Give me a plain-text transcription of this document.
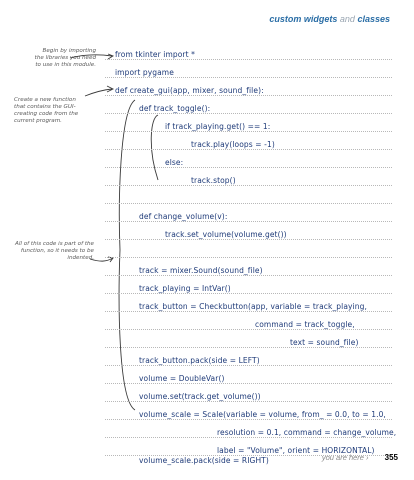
custom widgets and classes
Begin by importing the libraries you need to use in this module.
Create a new function that contains the GUI-creating code from the current program.
All of this code is part of the function, so it needs to be indented.
from tkinter import *
import pygame
def create_gui(app, mixer, sound_file):
def track_toggle():
if track_playing.get() == 1:
track.play(loops = -1)
else:
track.stop()
def change_volume(v):
track.set_volume(volume.get())
track = mixer.Sound(sound_file)
track_playing = IntVar()
track_button = Checkbutton(app, variable = track_playing,
command = track_toggle,
text = sound_file)
track_button.pack(side = LEFT)
volume = DoubleVar()
volume.set(track.get_volume())
volume_scale = Scale(variable = volume, from_ = 0.0, to = 1.0,
resolution = 0.1, command = change_volume,
label = "Volume", orient = HORIZONTAL)
volume_scale.pack(side = RIGHT)	you are here › 355
